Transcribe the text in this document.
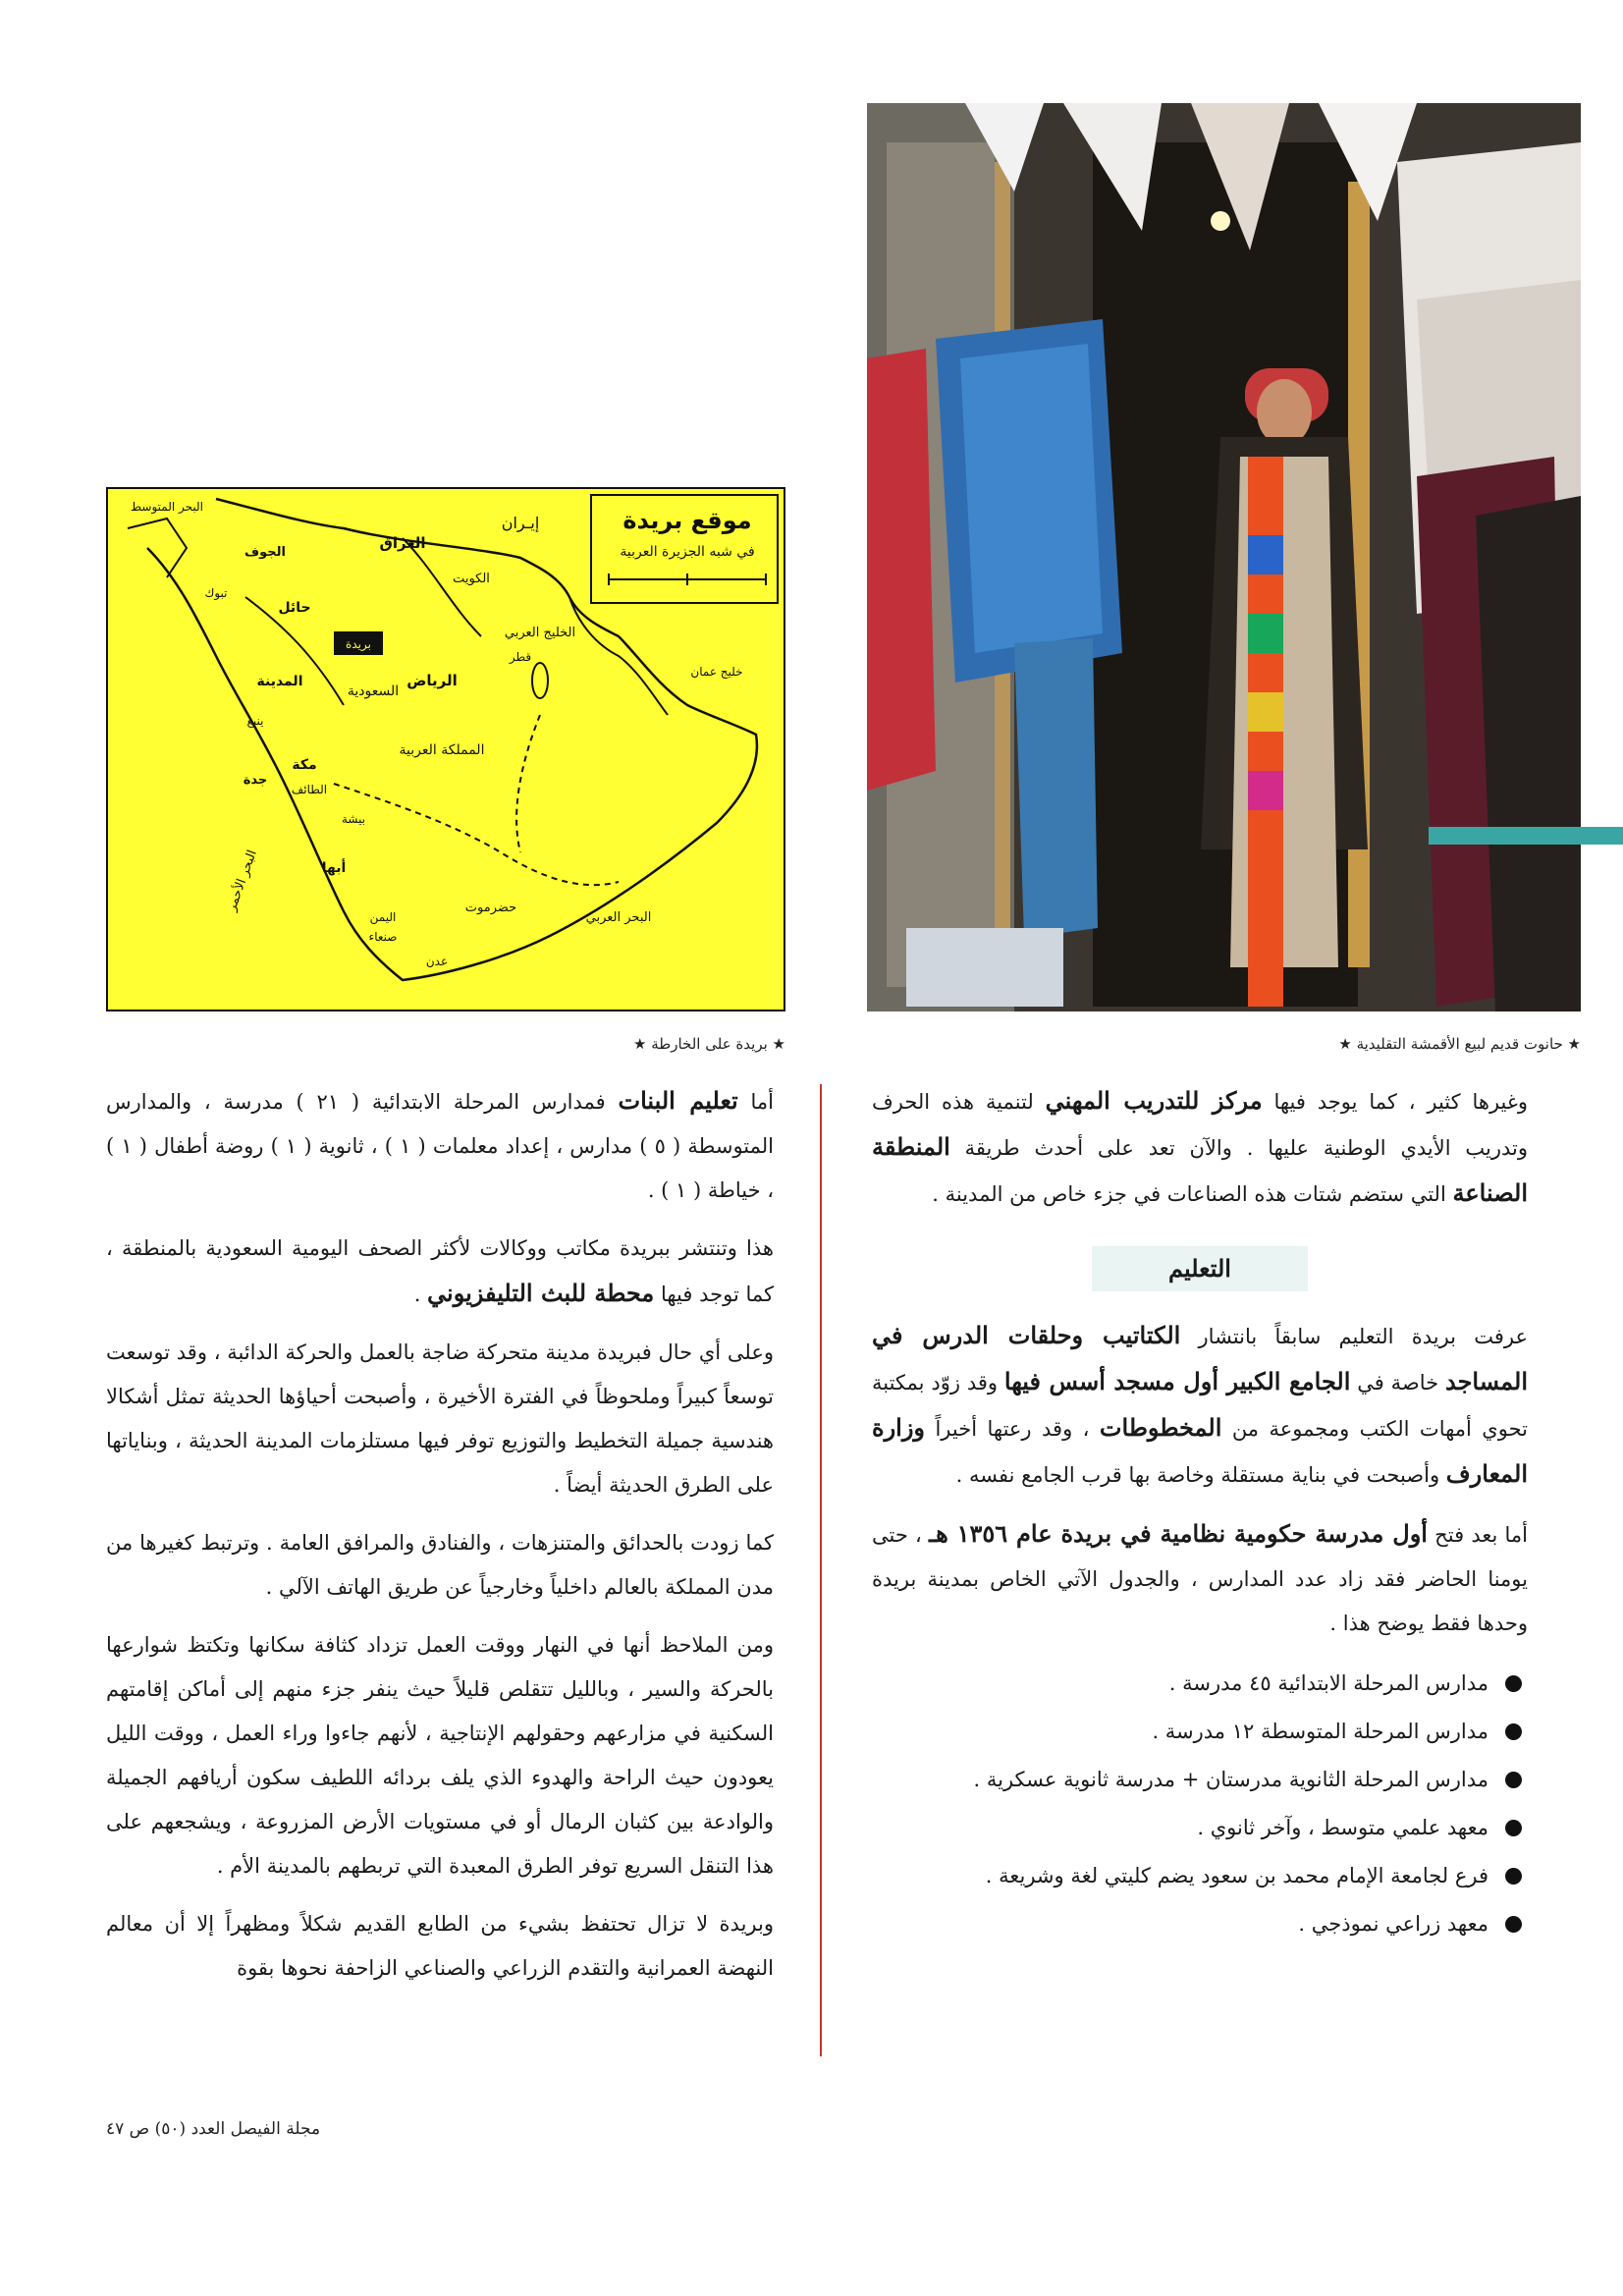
موقع بريدة
في شبه الجزيرة العربية
البحر المتوسط
إيـران
العراق
الكويت
الجوف
حائل
تبوك
بريدة
المدينة	الرياض
السعودية
المملكة العربية
الخليج العربي
خليج عمان
قطر
ينبع
جدة
مكة
الطائف
بيشة
أبها
البحر الأحمر
اليمن
صنعاء
حضرموت
عدن
البحر العربي
★ حانوت قديم لبيع الأقمشة التقليدية ★
★ بريدة على الخارطة ★

وغيرها كثير ، كما يوجد فيها مركز للتدريب المهني لتنمية هذه الحرف وتدريب الأيدي الوطنية عليها . والآن تعد على أحدث طريقة المنطقة الصناعة التي ستضم شتات هذه الصناعات في جزء خاص من المدينة .

التعليم

عرفت بريدة التعليم سابقاً بانتشار الكتاتيب وحلقات الدرس في المساجد خاصة في الجامع الكبير أول مسجد أسس فيها وقد زوّد بمكتبة تحوي أمهات الكتب ومجموعة من المخطوطات ، وقد رعتها أخيراً وزارة المعارف وأصبحت في بناية مستقلة وخاصة بها قرب الجامع نفسه .

أما بعد فتح أول مدرسة حكومية نظامية في بريدة عام ١٣٥٦ هـ ، حتى يومنا الحاضر فقد زاد عدد المدارس ، والجدول الآتي الخاص بمدينة بريدة وحدها فقط يوضح هذا .

مدارس المرحلة الابتدائية ٤٥ مدرسة .
مدارس المرحلة المتوسطة ١٢ مدرسة .
مدارس المرحلة الثانوية مدرستان + مدرسة ثانوية عسكرية .
معهد علمي متوسط ، وآخر ثانوي .
فرع لجامعة الإمام محمد بن سعود يضم كليتي لغة وشريعة .
معهد زراعي نموذجي .

أما تعليم البنات فمدارس المرحلة الابتدائية ( ٢١ ) مدرسة ، والمدارس المتوسطة ( ٥ ) مدارس ، إعداد معلمات ( ١ ) ، ثانوية ( ١ ) روضة أطفال ( ١ ) ، خياطة ( ١ ) .

هذا وتنتشر ببريدة مكاتب ووكالات لأكثر الصحف اليومية السعودية بالمنطقة ، كما توجد فيها محطة للبث التليفزيوني .

وعلى أي حال فبريدة مدينة متحركة ضاجة بالعمل والحركة الدائبة ، وقد توسعت توسعاً كبيراً وملحوظاً في الفترة الأخيرة ، وأصبحت أحياؤها الحديثة تمثل أشكالا هندسية جميلة التخطيط والتوزيع توفر فيها مستلزمات المدينة الحديثة ، وبناياتها على الطرق الحديثة أيضاً .

كما زودت بالحدائق والمتنزهات ، والفنادق والمرافق العامة . وترتبط كغيرها من مدن المملكة بالعالم داخلياً وخارجياً عن طريق الهاتف الآلي .

ومن الملاحظ أنها في النهار ووقت العمل تزداد كثافة سكانها وتكتظ شوارعها بالحركة والسير ، وبالليل تتقلص قليلاً حيث ينفر جزء منهم إلى أماكن إقامتهم السكنية في مزارعهم وحقولهم الإنتاجية ، لأنهم جاءوا وراء العمل ، ووقت الليل يعودون حيث الراحة والهدوء الذي يلف بردائه اللطيف سكون أريافهم الجميلة والوادعة بين كثبان الرمال أو في مستويات الأرض المزروعة ، ويشجعهم على هذا التنقل السريع توفر الطرق المعبدة التي تربطهم بالمدينة الأم .

وبريدة لا تزال تحتفظ بشيء من الطابع القديم شكلاً ومظهراً إلا أن معالم النهضة العمرانية والتقدم الزراعي والصناعي الزاحفة نحوها بقوة

مجلة الفيصل العدد (٥٠) ص ٤٧
